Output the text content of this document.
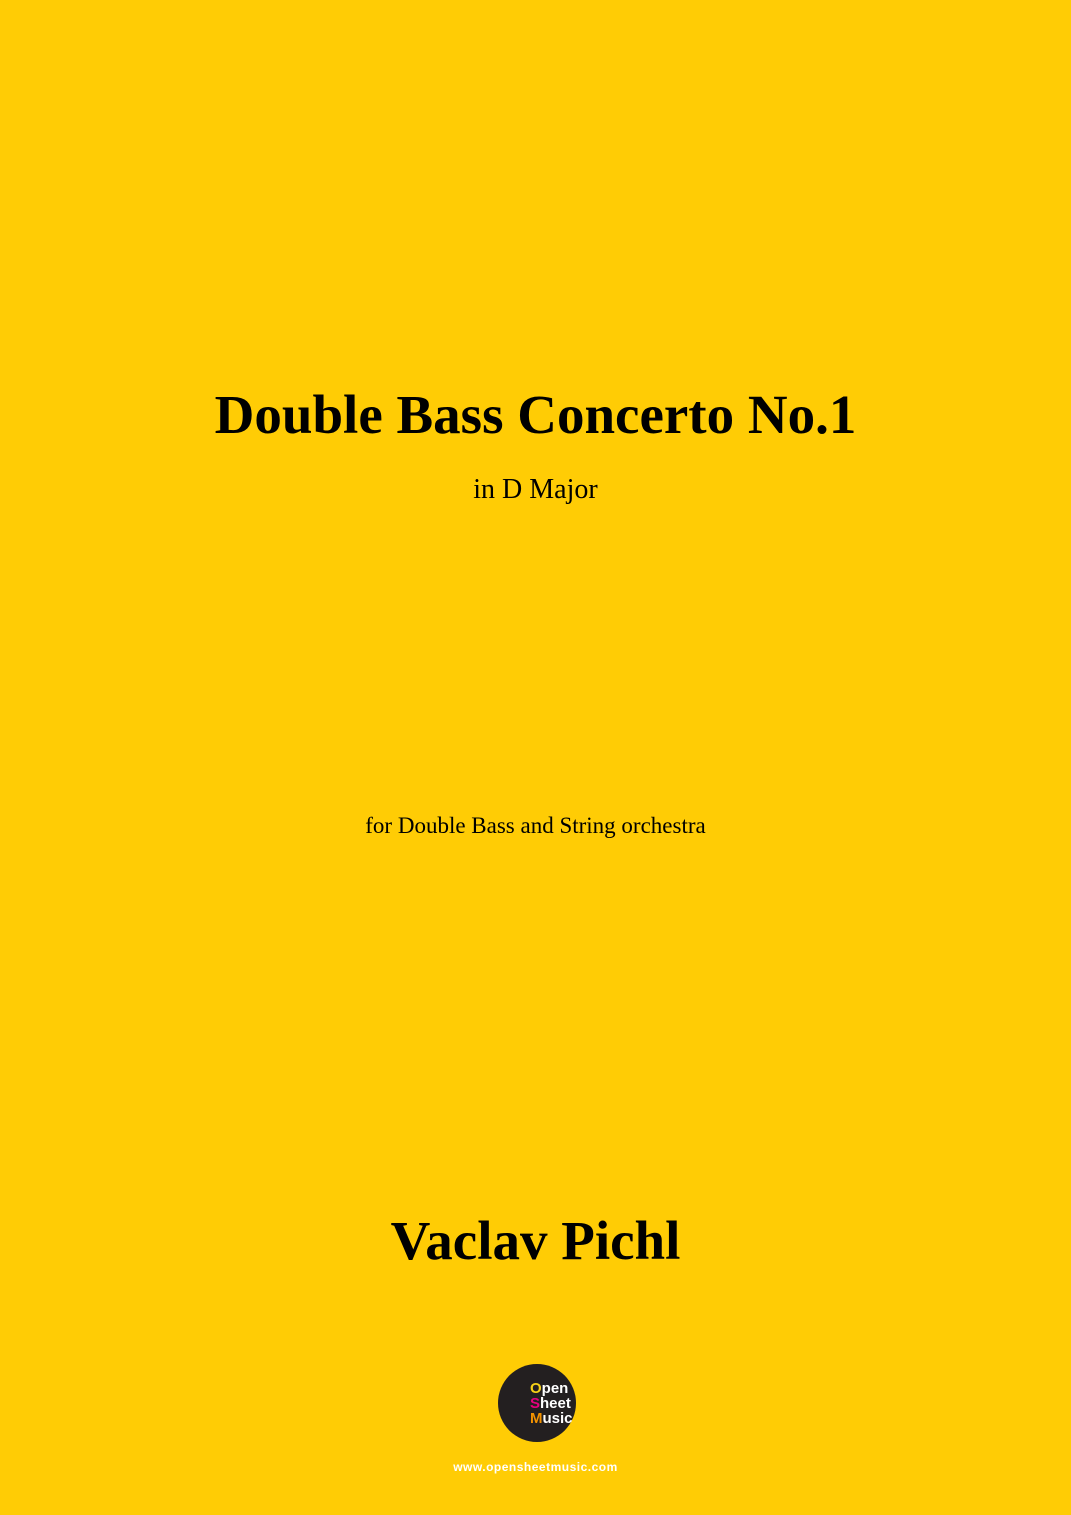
Double Bass Concerto No.1
in D Major
for Double Bass and String orchestra
Vaclav Pichl
Open
Sheet
Music
www.opensheetmusic.com
